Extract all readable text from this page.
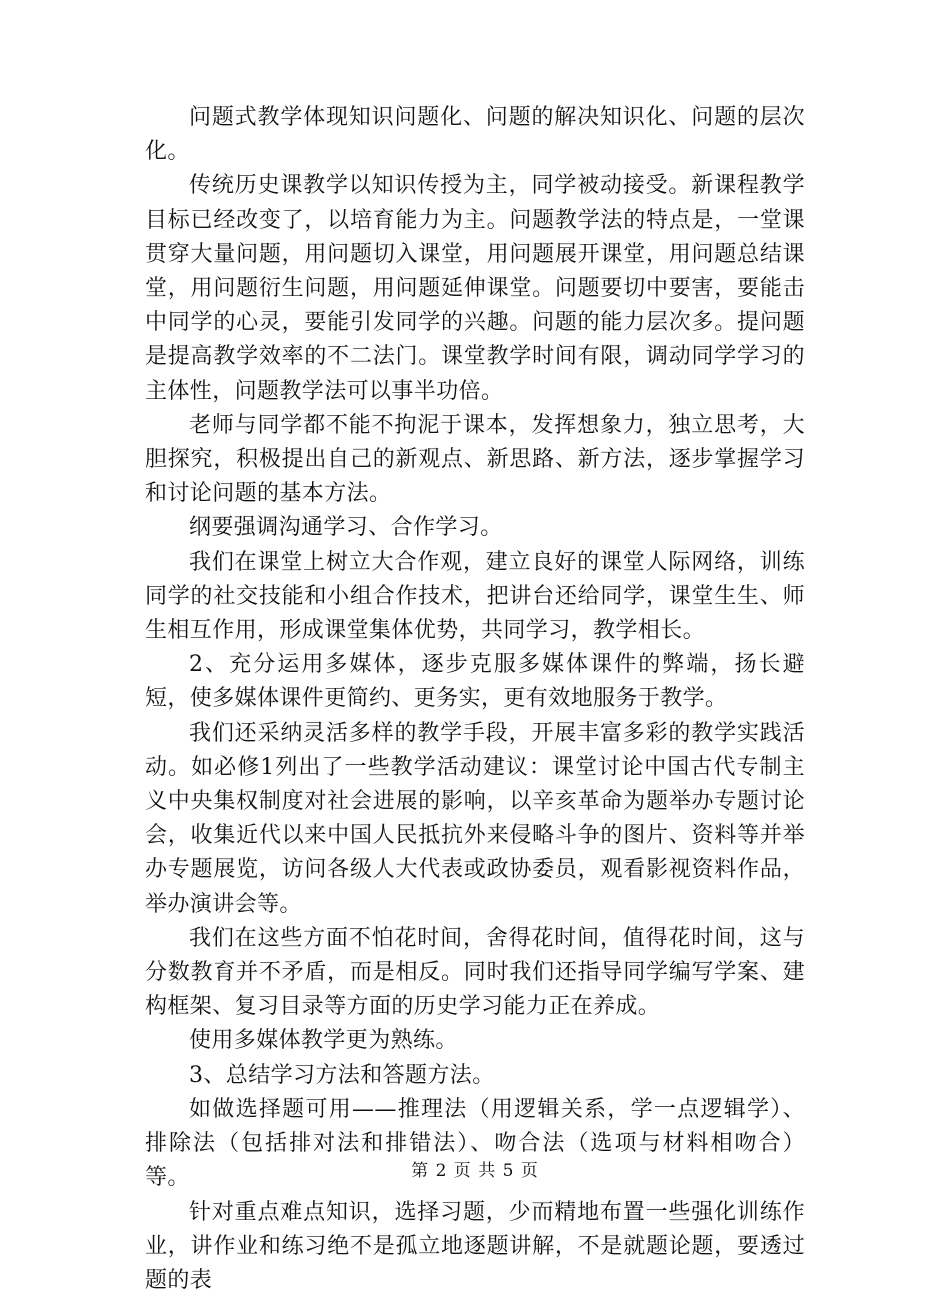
问题式教学体现知识问题化、问题的解决知识化、问题的层次化。

传统历史课教学以知识传授为主，同学被动接受。新课程教学目标已经改变了，以培育能力为主。问题教学法的特点是，一堂课贯穿大量问题，用问题切入课堂，用问题展开课堂，用问题总结课堂，用问题衍生问题，用问题延伸课堂。问题要切中要害，要能击中同学的心灵，要能引发同学的兴趣。问题的能力层次多。提问题是提高教学效率的不二法门。课堂教学时间有限，调动同学学习的主体性，问题教学法可以事半功倍。

老师与同学都不能不拘泥于课本，发挥想象力，独立思考，大胆探究，积极提出自己的新观点、新思路、新方法，逐步掌握学习和讨论问题的基本方法。

纲要强调沟通学习、合作学习。

我们在课堂上树立大合作观，建立良好的课堂人际网络，训练同学的社交技能和小组合作技术，把讲台还给同学，课堂生生、师生相互作用，形成课堂集体优势，共同学习，教学相长。

2、充分运用多媒体，逐步克服多媒体课件的弊端，扬长避短，使多媒体课件更简约、更务实，更有效地服务于教学。

我们还采纳灵活多样的教学手段，开展丰富多彩的教学实践活动。如必修1列出了一些教学活动建议：课堂讨论中国古代专制主义中央集权制度对社会进展的影响，以辛亥革命为题举办专题讨论会，收集近代以来中国人民抵抗外来侵略斗争的图片、资料等并举办专题展览，访问各级人大代表或政协委员，观看影视资料作品，举办演讲会等。

我们在这些方面不怕花时间，舍得花时间，值得花时间，这与分数教育并不矛盾，而是相反。同时我们还指导同学编写学案、建构框架、复习目录等方面的历史学习能力正在养成。

使用多媒体教学更为熟练。

3、总结学习方法和答题方法。

如做选择题可用——推理法（用逻辑关系，学一点逻辑学）、排除法（包括排对法和排错法）、吻合法（选项与材料相吻合）等。

针对重点难点知识，选择习题，少而精地布置一些强化训练作业，讲作业和练习绝不是孤立地逐题讲解，不是就题论题，要透过题的表

第 2 页 共 5 页
